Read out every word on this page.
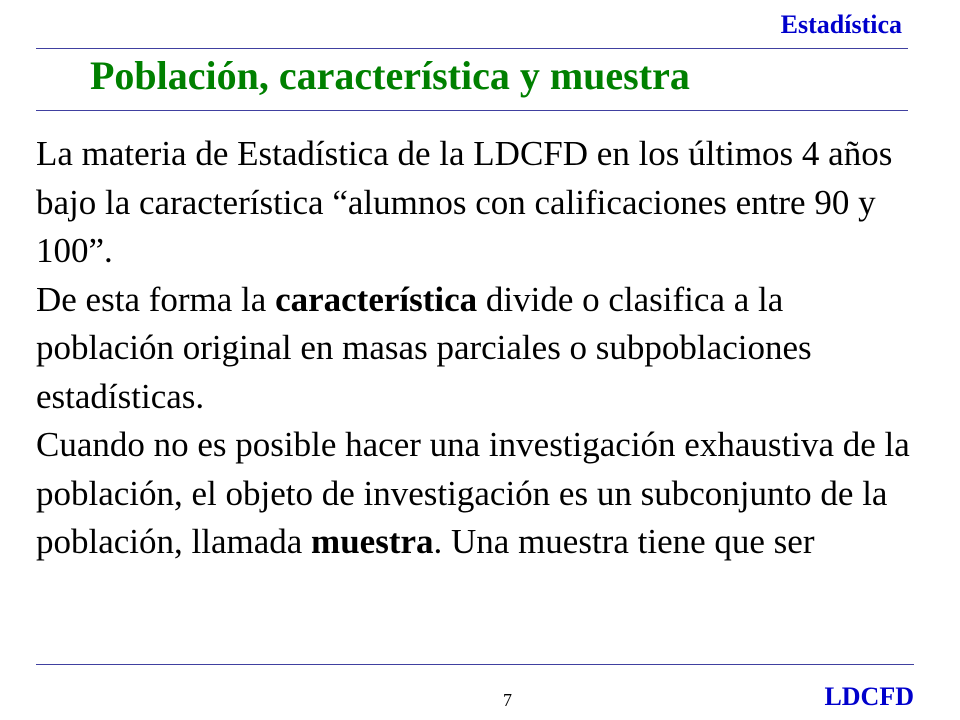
Estadística
Población, característica y muestra

La materia de Estadística de la LDCFD en los últimos 4 años bajo la característica “alumnos con calificaciones entre 90 y 100”.

De esta forma la característica divide o clasifica a la población original en masas parciales o subpoblaciones estadísticas.

Cuando no es posible hacer una investigación exhaustiva de la población, el objeto de investigación es un subconjunto de la población, llamada muestra. Una muestra tiene que ser

7	LDCFD
